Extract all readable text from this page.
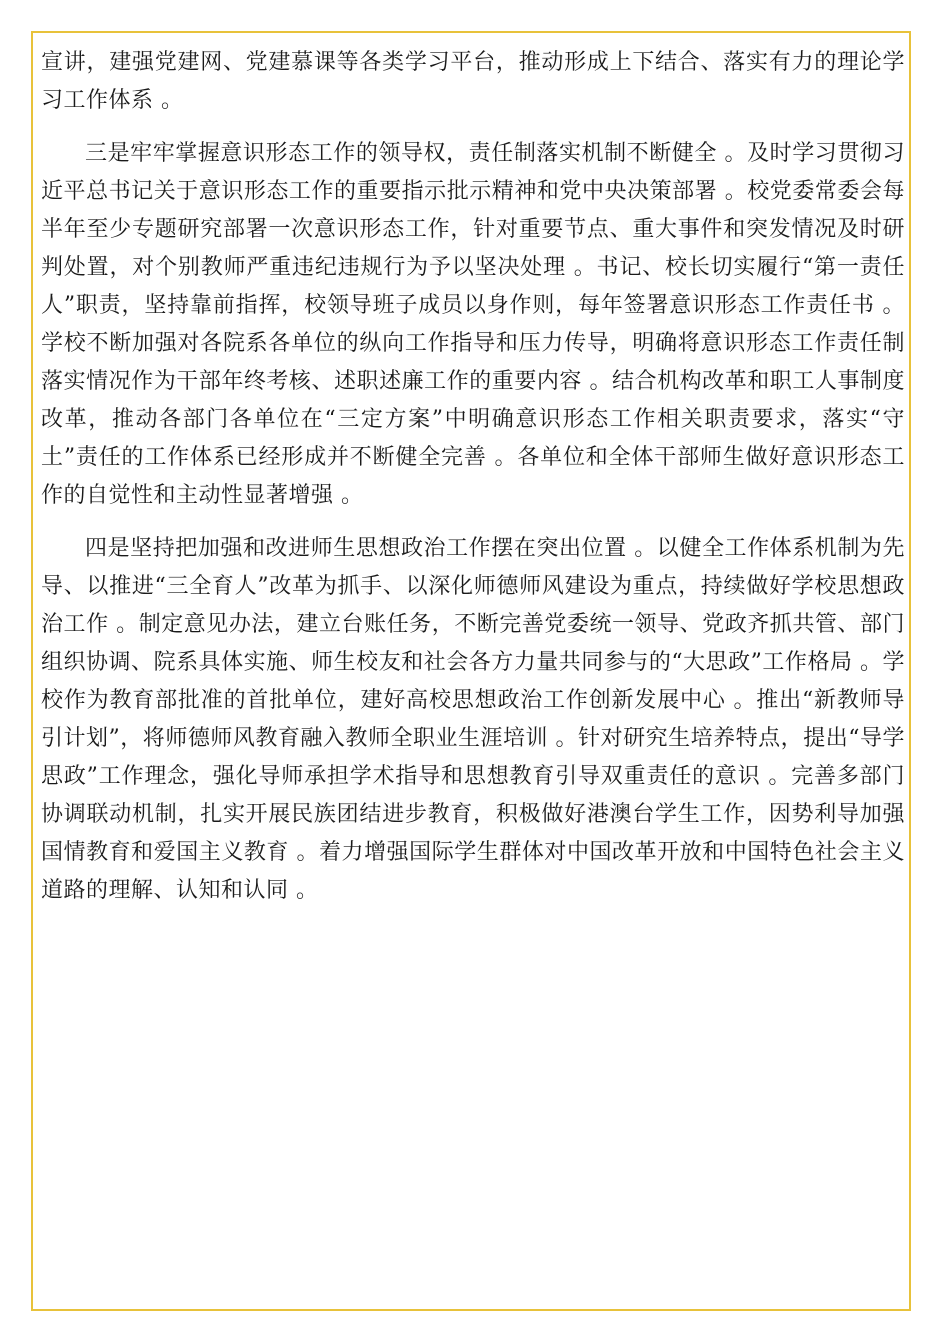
宣讲，建强党建网、党建慕课等各类学习平台，推动形成上下结合、落实有力的理论学习工作体系 。

三是牢牢掌握意识形态工作的领导权，责任制落实机制不断健全 。及时学习贯彻习近平总书记关于意识形态工作的重要指示批示精神和党中央决策部署 。校党委常委会每半年至少专题研究部署一次意识形态工作，针对重要节点、重大事件和突发情况及时研判处置，对个别教师严重违纪违规行为予以坚决处理 。书记、校长切实履行“第一责任人”职责，坚持靠前指挥，校领导班子成员以身作则，每年签署意识形态工作责任书 。学校不断加强对各院系各单位的纵向工作指导和压力传导，明确将意识形态工作责任制落实情况作为干部年终考核、述职述廉工作的重要内容 。结合机构改革和职工人事制度改革，推动各部门各单位在“三定方案”中明确意识形态工作相关职责要求，落实“守土”责任的工作体系已经形成并不断健全完善 。各单位和全体干部师生做好意识形态工作的自觉性和主动性显著增强 。

四是坚持把加强和改进师生思想政治工作摆在突出位置 。以健全工作体系机制为先导、以推进“三全育人”改革为抓手、以深化师德师风建设为重点，持续做好学校思想政治工作 。制定意见办法，建立台账任务，不断完善党委统一领导、党政齐抓共管、部门组织协调、院系具体实施、师生校友和社会各方力量共同参与的“大思政”工作格局 。学校作为教育部批准的首批单位，建好高校思想政治工作创新发展中心 。推出“新教师导引计划”，将师德师风教育融入教师全职业生涯培训 。针对研究生培养特点，提出“导学思政”工作理念，强化导师承担学术指导和思想教育引导双重责任的意识 。完善多部门协调联动机制，扎实开展民族团结进步教育，积极做好港澳台学生工作，因势利导加强国情教育和爱国主义教育 。着力增强国际学生群体对中国改革开放和中国特色社会主义道路的理解、认知和认同 。
